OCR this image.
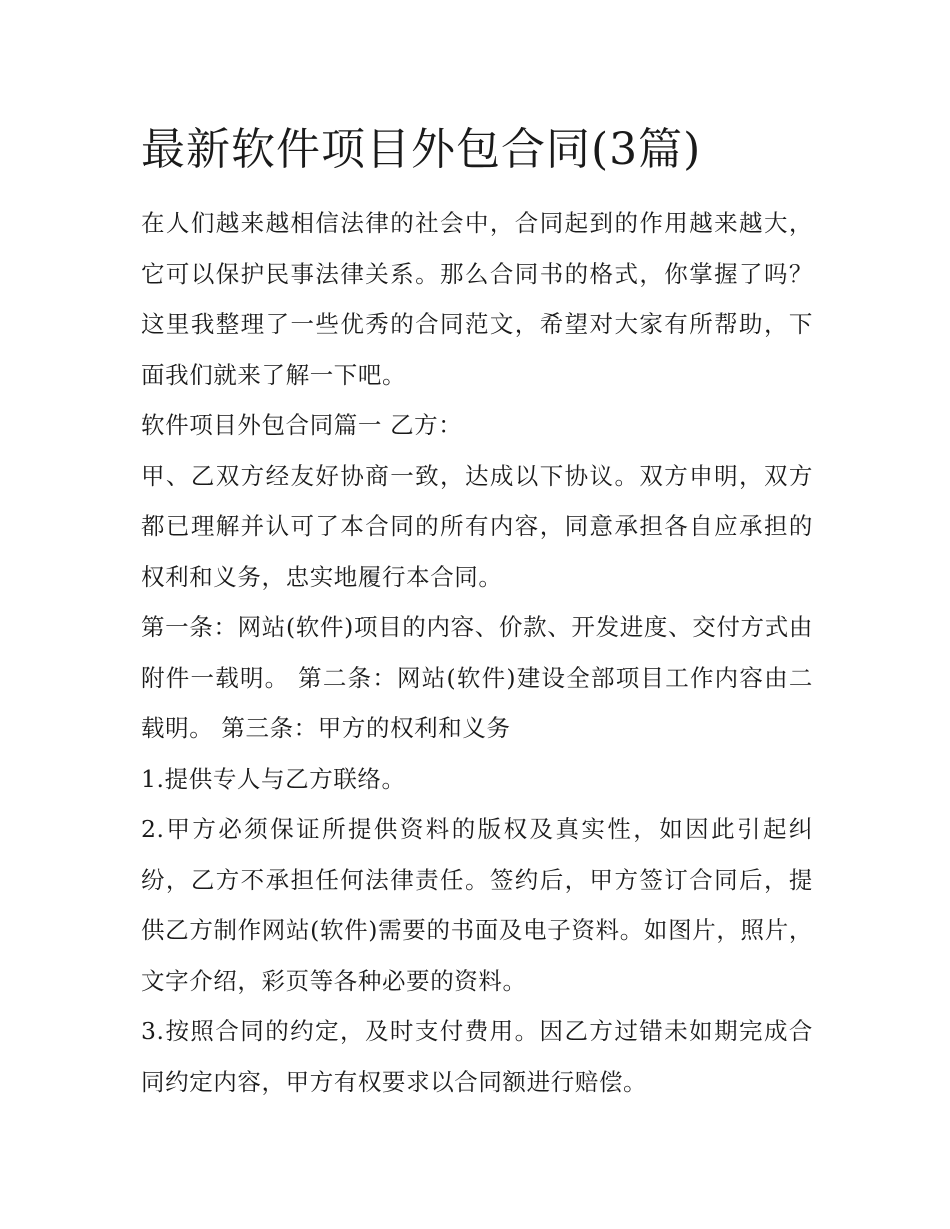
最新软件项目外包合同(3篇)

在人们越来越相信法律的社会中，合同起到的作用越来越大，它可以保护民事法律关系。那么合同书的格式，你掌握了吗？这里我整理了一些优秀的合同范文，希望对大家有所帮助，下面我们就来了解一下吧。

软件项目外包合同篇一 乙方：

甲、乙双方经友好协商一致，达成以下协议。双方申明，双方都已理解并认可了本合同的所有内容，同意承担各自应承担的权利和义务，忠实地履行本合同。

第一条：网站(软件)项目的内容、价款、开发进度、交付方式由附件一载明。 第二条：网站(软件)建设全部项目工作内容由二载明。 第三条：甲方的权利和义务

1.提供专人与乙方联络。

2.甲方必须保证所提供资料的版权及真实性，如因此引起纠纷，乙方不承担任何法律责任。签约后，甲方签订合同后，提供乙方制作网站(软件)需要的书面及电子资料。如图片，照片，文字介绍，彩页等各种必要的资料。

3.按照合同的约定，及时支付费用。因乙方过错未如期完成合同约定内容，甲方有权要求以合同额进行赔偿。
